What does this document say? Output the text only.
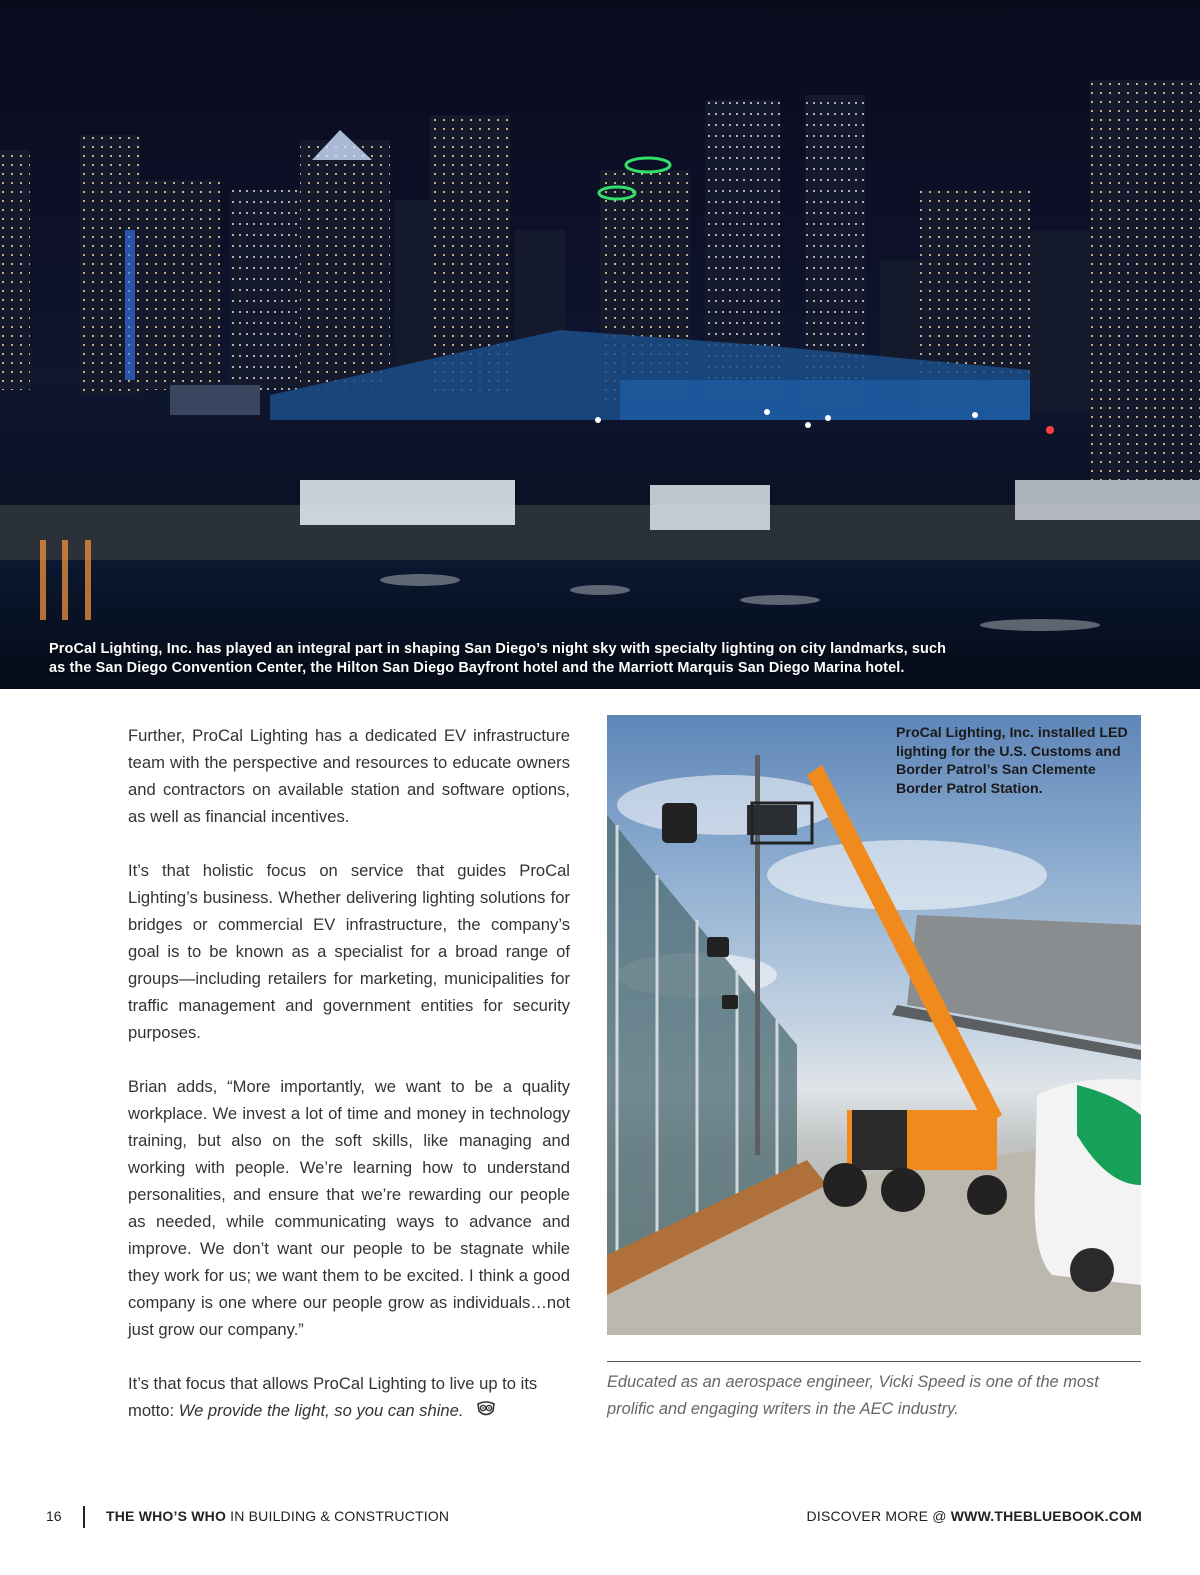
ProCal Lighting, Inc. has played an integral part in shaping San Diego’s night sky with specialty lighting on city landmarks, such as the San Diego Convention Center, the Hilton San Diego Bayfront hotel and the Marriott Marquis San Diego Marina hotel.

Further, ProCal Lighting has a dedicated EV infrastructure team with the perspective and resources to educate owners and contractors on available station and software options, as well as financial incentives.

It’s that holistic focus on service that guides ProCal Lighting’s business. Whether delivering lighting solutions for bridges or commercial EV infrastructure, the company’s goal is to be known as a specialist for a broad range of groups—including retailers for marketing, municipalities for traffic management and government entities for security purposes.

Brian adds, “More importantly, we want to be a quality workplace. We invest a lot of time and money in technology training, but also on the soft skills, like managing and working with people. We’re learning how to understand personalities, and ensure that we’re rewarding our people as needed, while communicating ways to advance and improve. We don’t want our people to be stagnate while they work for us; we want them to be excited. I think a good company is one where our people grow as individuals…not just grow our company.”

It’s that focus that allows ProCal Lighting to live up to its motto: We provide the light, so you can shine.

ProCal Lighting, Inc. installed LED lighting for the U.S. Customs and Border Patrol’s San Clemente Border Patrol Station.
Educated as an aerospace engineer, Vicki Speed is one of the most prolific and engaging writers in the AEC industry.
16	THE WHO’S WHO IN BUILDING & CONSTRUCTION	DISCOVER MORE @ WWW.THEBLUEBOOK.COM
